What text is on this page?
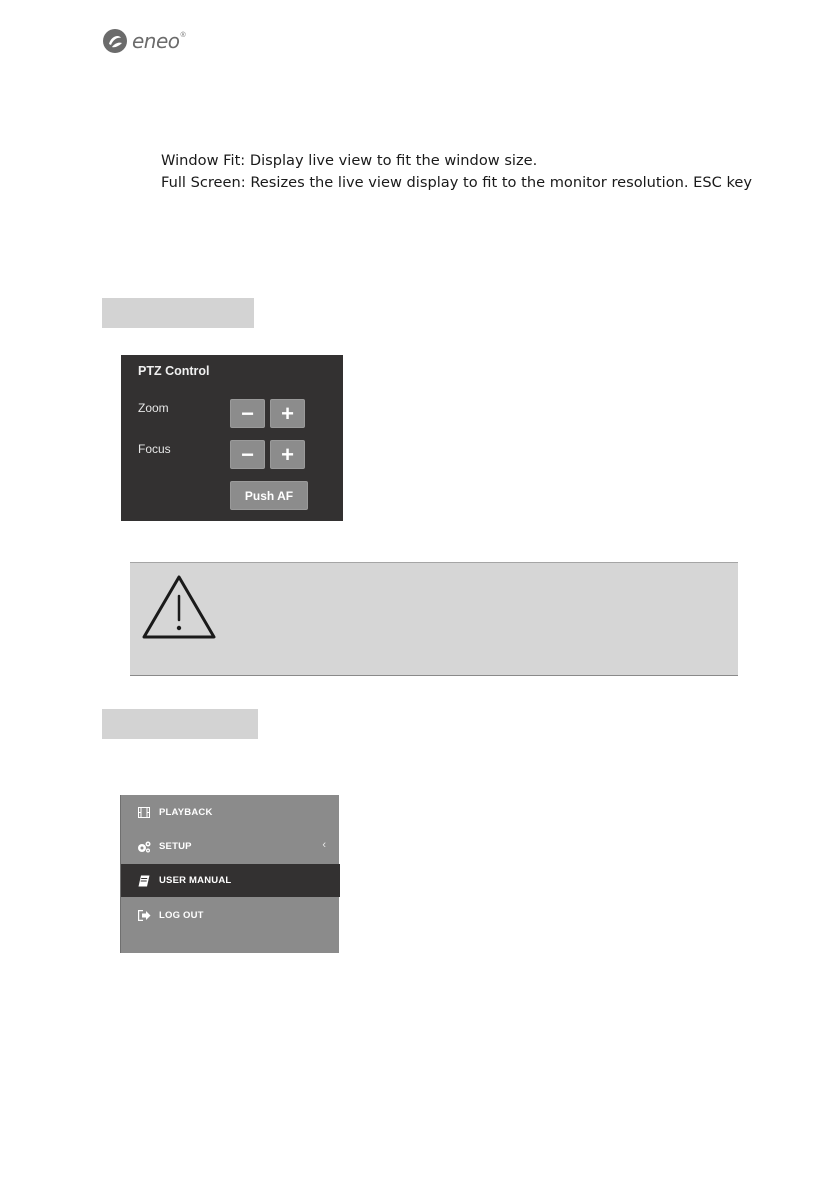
eneo ®
Window Fit: Display live view to fit the window size.
Full Screen: Resizes the live view display to fit to the monitor resolution. ESC key
PTZ Control
Zoom	− +
Focus	− +
Push AF
PLAYBACK
SETUP	‹
USER MANUAL
LOG OUT
